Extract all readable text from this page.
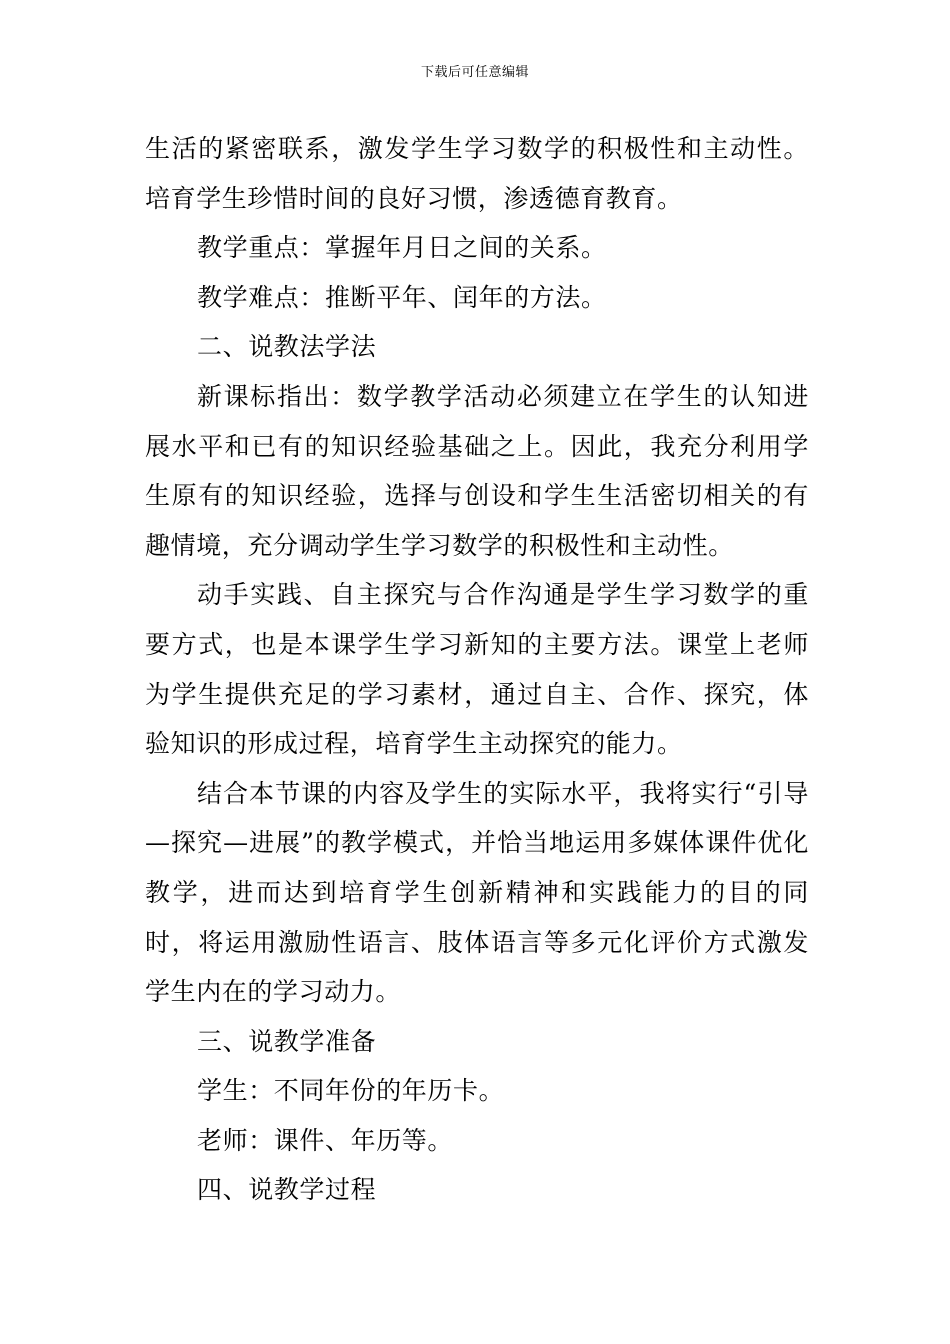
下载后可任意编辑

生活的紧密联系，激发学生学习数学的积极性和主动性。培育学生珍惜时间的良好习惯，渗透德育教育。

教学重点：掌握年月日之间的关系。

教学难点：推断平年、闰年的方法。

二、说教法学法

新课标指出：数学教学活动必须建立在学生的认知进展水平和已有的知识经验基础之上。因此，我充分利用学生原有的知识经验，选择与创设和学生生活密切相关的有趣情境，充分调动学生学习数学的积极性和主动性。

动手实践、自主探究与合作沟通是学生学习数学的重要方式，也是本课学生学习新知的主要方法。课堂上老师为学生提供充足的学习素材，通过自主、合作、探究，体验知识的形成过程，培育学生主动探究的能力。

结合本节课的内容及学生的实际水平，我将实行“引导—探究—进展”的教学模式，并恰当地运用多媒体课件优化教学，进而达到培育学生创新精神和实践能力的目的同时，将运用激励性语言、肢体语言等多元化评价方式激发学生内在的学习动力。

三、说教学准备

学生：不同年份的年历卡。

老师：课件、年历等。

四、说教学过程
